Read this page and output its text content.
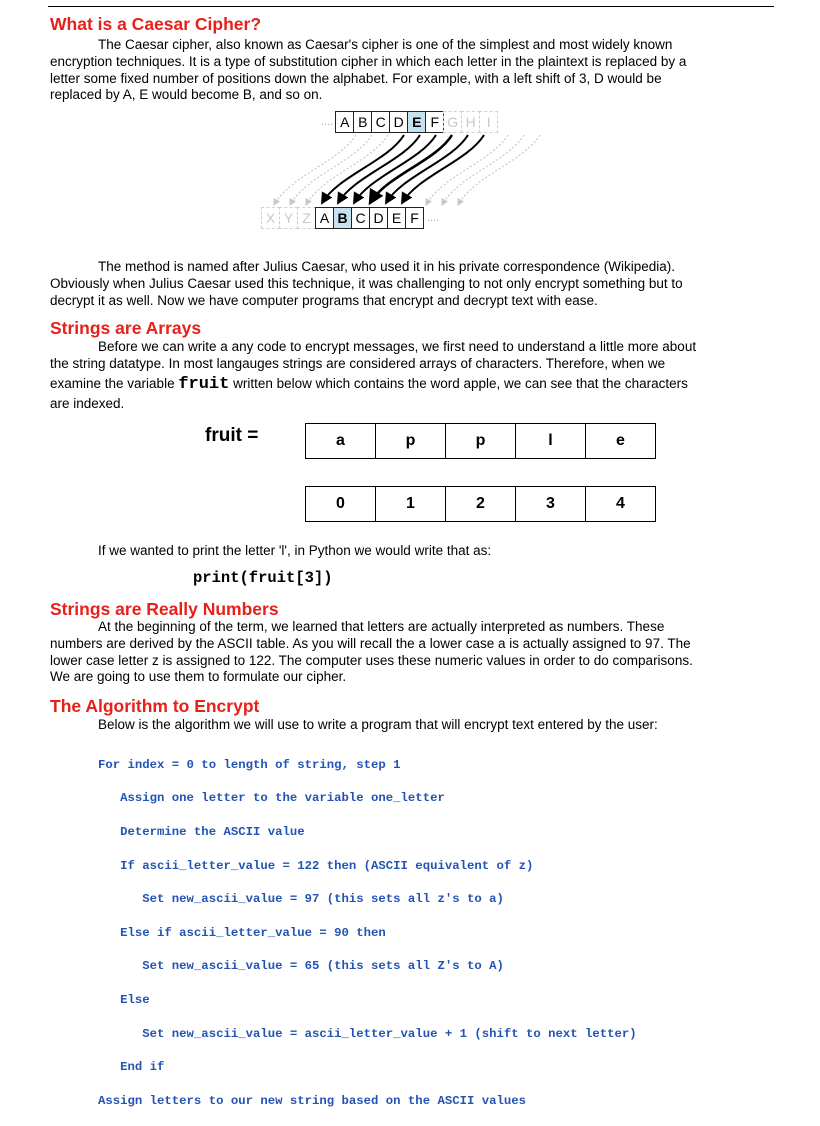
What is a Caesar Cipher?
The Caesar cipher, also known as Caesar's cipher is one of the simplest and most widely known
encryption techniques. It is a type of substitution cipher in which each letter in the plaintext is replaced by a
letter some fixed number of positions down the alphabet. For example, with a left shift of 3, D would be
replaced by A, E would become B, and so on.
.... A B C D E F G H I
X Y Z A B C D E F ....
The method is named after Julius Caesar, who used it in his private correspondence (Wikipedia).
Obviously when Julius Caesar used this technique, it was challenging to not only encrypt something but to
decrypt it as well. Now we have computer programs that encrypt and decrypt text with ease.
Strings are Arrays
Before we can write a any code to encrypt messages, we first need to understand a little more about
the string datatype. In most langauges strings are considered arrays of characters. Therefore, when we
examine the variable fruit written below which contains the word apple, we can see that the characters
are indexed.
fruit =	a	p	p	l	e
0	1	2	3	4
If we wanted to print the letter 'l', in Python we would write that as:
print(fruit[3])
Strings are Really Numbers
At the beginning of the term, we learned that letters are actually interpreted as numbers. These
numbers are derived by the ASCII table. As you will recall the a lower case a is actually assigned to 97. The
lower case letter z is assigned to 122. The computer uses these numeric values in order to do comparisons.
We are going to use them to formulate our cipher.
The Algorithm to Encrypt
Below is the algorithm we will use to write a program that will encrypt text entered by the user:

For index = 0 to length of string, step 1

Assign one letter to the variable one_letter

Determine the ASCII value

If ascii_letter_value = 122 then (ASCII equivalent of z)

Set new_ascii_value = 97 (this sets all z's to a)

Else if ascii_letter_value = 90 then

Set new_ascii_value = 65 (this sets all Z's to A)

Else

Set new_ascii_value = ascii_letter_value + 1 (shift to next letter)

End if

Assign letters to our new string based on the ASCII values
